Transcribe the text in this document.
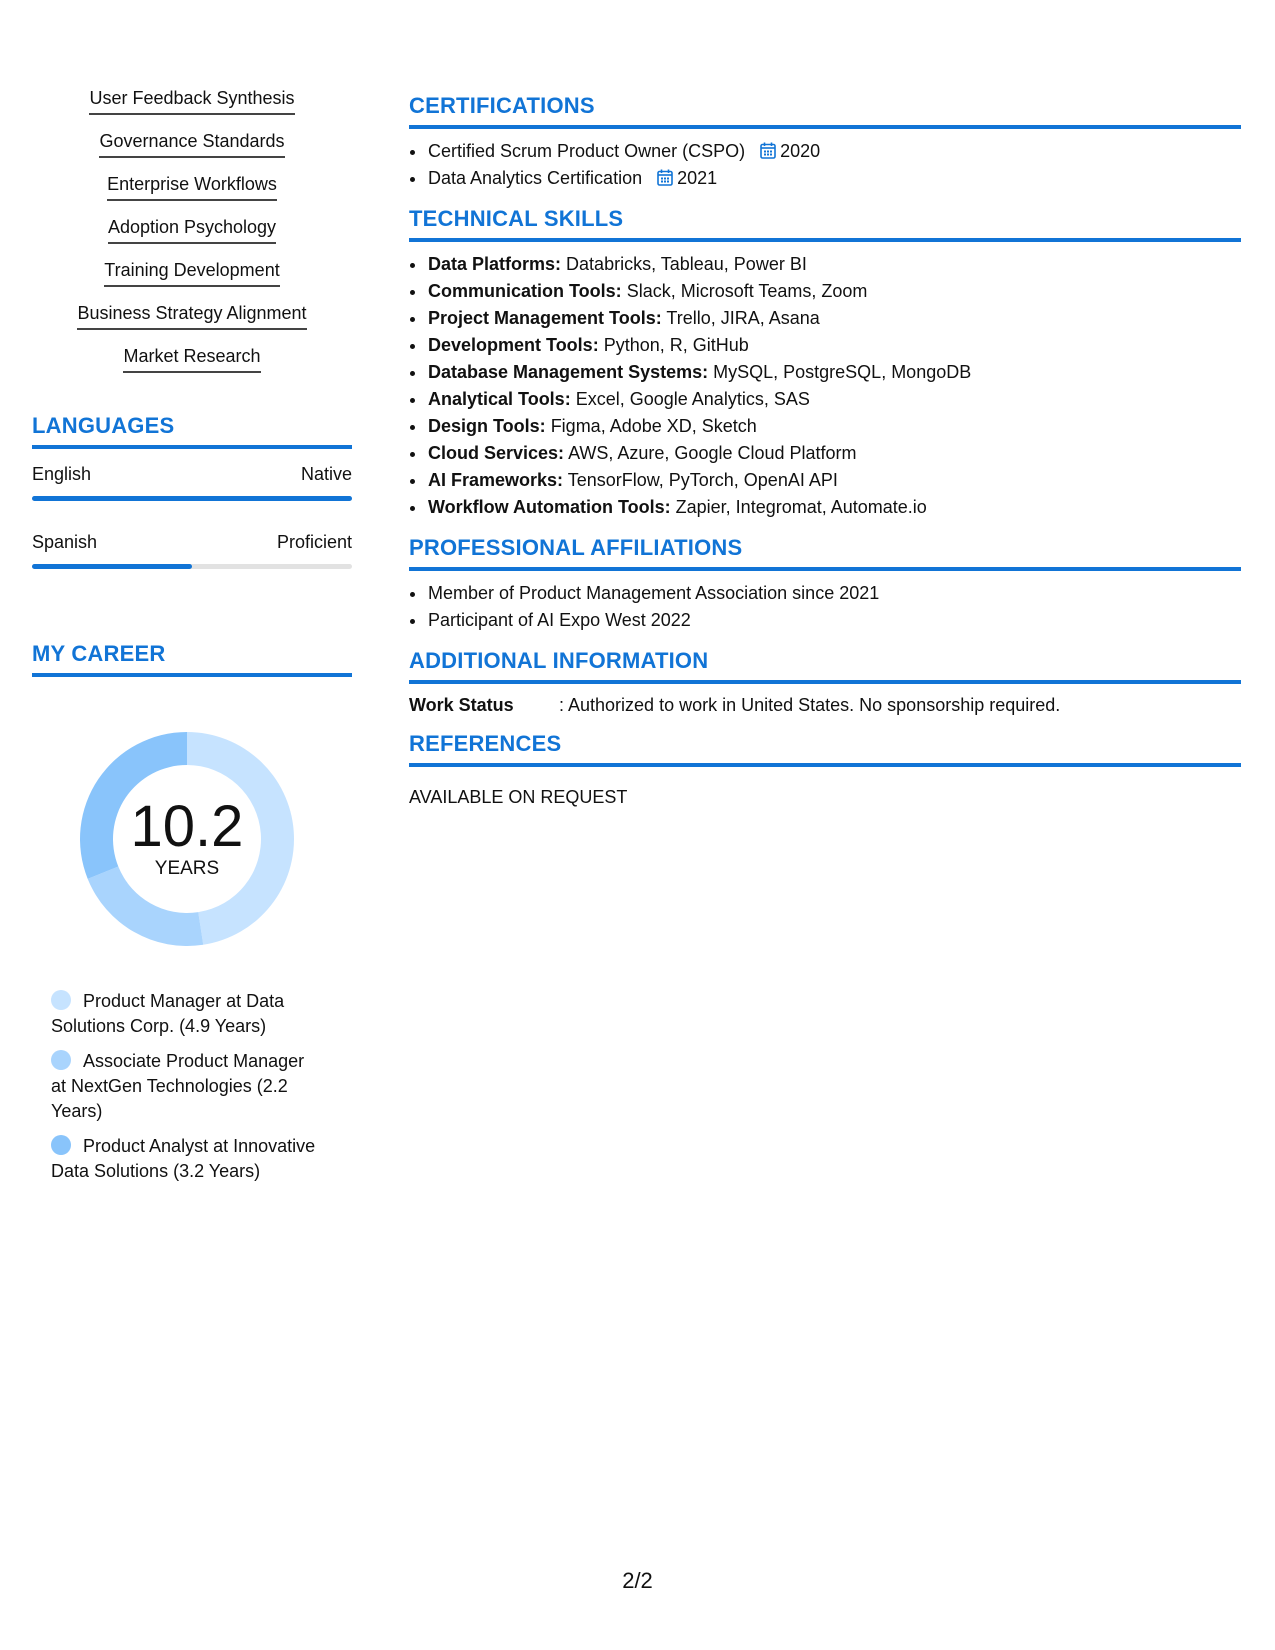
User Feedback Synthesis
Governance Standards
Enterprise Workflows
Adoption Psychology
Training Development
Business Strategy Alignment
Market Research
LANGUAGES
English	Native
Spanish	Proficient
MY CAREER
10.2
YEARS
Product Manager at Data Solutions Corp. (4.9 Years)
Associate Product Manager at NextGen Technologies (2.2 Years)
Product Analyst at Innovative Data Solutions (3.2 Years)
CERTIFICATIONS
• Certified Scrum Product Owner (CSPO) 2020
• Data Analytics Certification 2021
TECHNICAL SKILLS
• Data Platforms: Databricks, Tableau, Power BI
• Communication Tools: Slack, Microsoft Teams, Zoom
• Project Management Tools: Trello, JIRA, Asana
• Development Tools: Python, R, GitHub
• Database Management Systems: MySQL, PostgreSQL, MongoDB
• Analytical Tools: Excel, Google Analytics, SAS
• Design Tools: Figma, Adobe XD, Sketch
• Cloud Services: AWS, Azure, Google Cloud Platform
• AI Frameworks: TensorFlow, PyTorch, OpenAI API
• Workflow Automation Tools: Zapier, Integromat, Automate.io
PROFESSIONAL AFFILIATIONS
• Member of Product Management Association since 2021
• Participant of AI Expo West 2022
ADDITIONAL INFORMATION
Work Status	: Authorized to work in United States. No sponsorship required.
REFERENCES
AVAILABLE ON REQUEST
2/2
